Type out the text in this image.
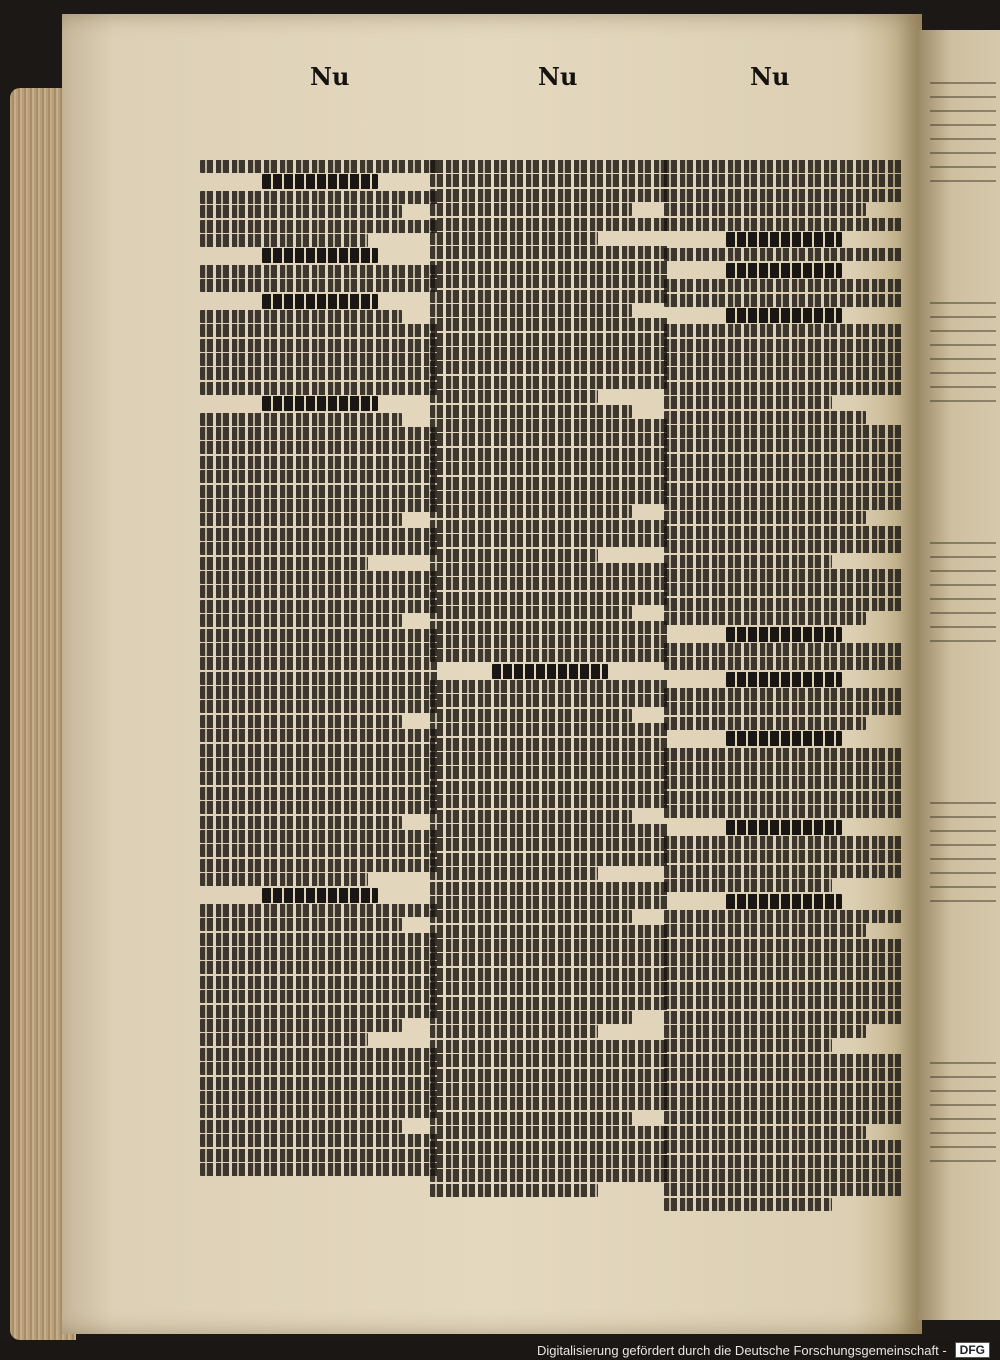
Nu	Nu	Nu
Digitalisierung gefördert durch die Deutsche Forschungsgemeinschaft -	DFG
